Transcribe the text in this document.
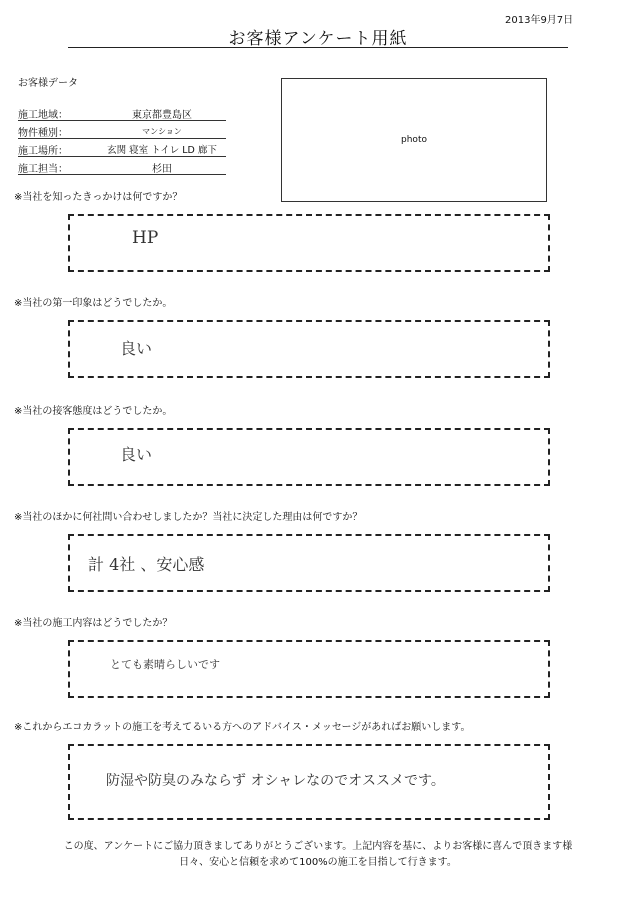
2013年9月7日
お客様アンケート用紙
お客様データ
施工地域：	東京都豊島区
物件種別：	マンション
施工場所：	玄関 寝室 トイレ LD 廊下
施工担当：	杉田
photo
※当社を知ったきっかけは何ですか？
HP
※当社の第一印象はどうでしたか。
良い
※当社の接客態度はどうでしたか。
良い
※当社のほかに何社問い合わせしましたか？当社に決定した理由は何ですか？
計 4社 、安心感
※当社の施工内容はどうでしたか？
とても素晴らしいです
※これからエコカラットの施工を考えてるいる方へのアドバイス・メッセージがあればお願いします。
防湿や防臭のみならず オシャレなのでオススメです。
この度、アンケートにご協力頂きましてありがとうございます。上記内容を基に、よりお客様に喜んで頂きます様
日々、安心と信頼を求めて100%の施工を目指して行きます。
